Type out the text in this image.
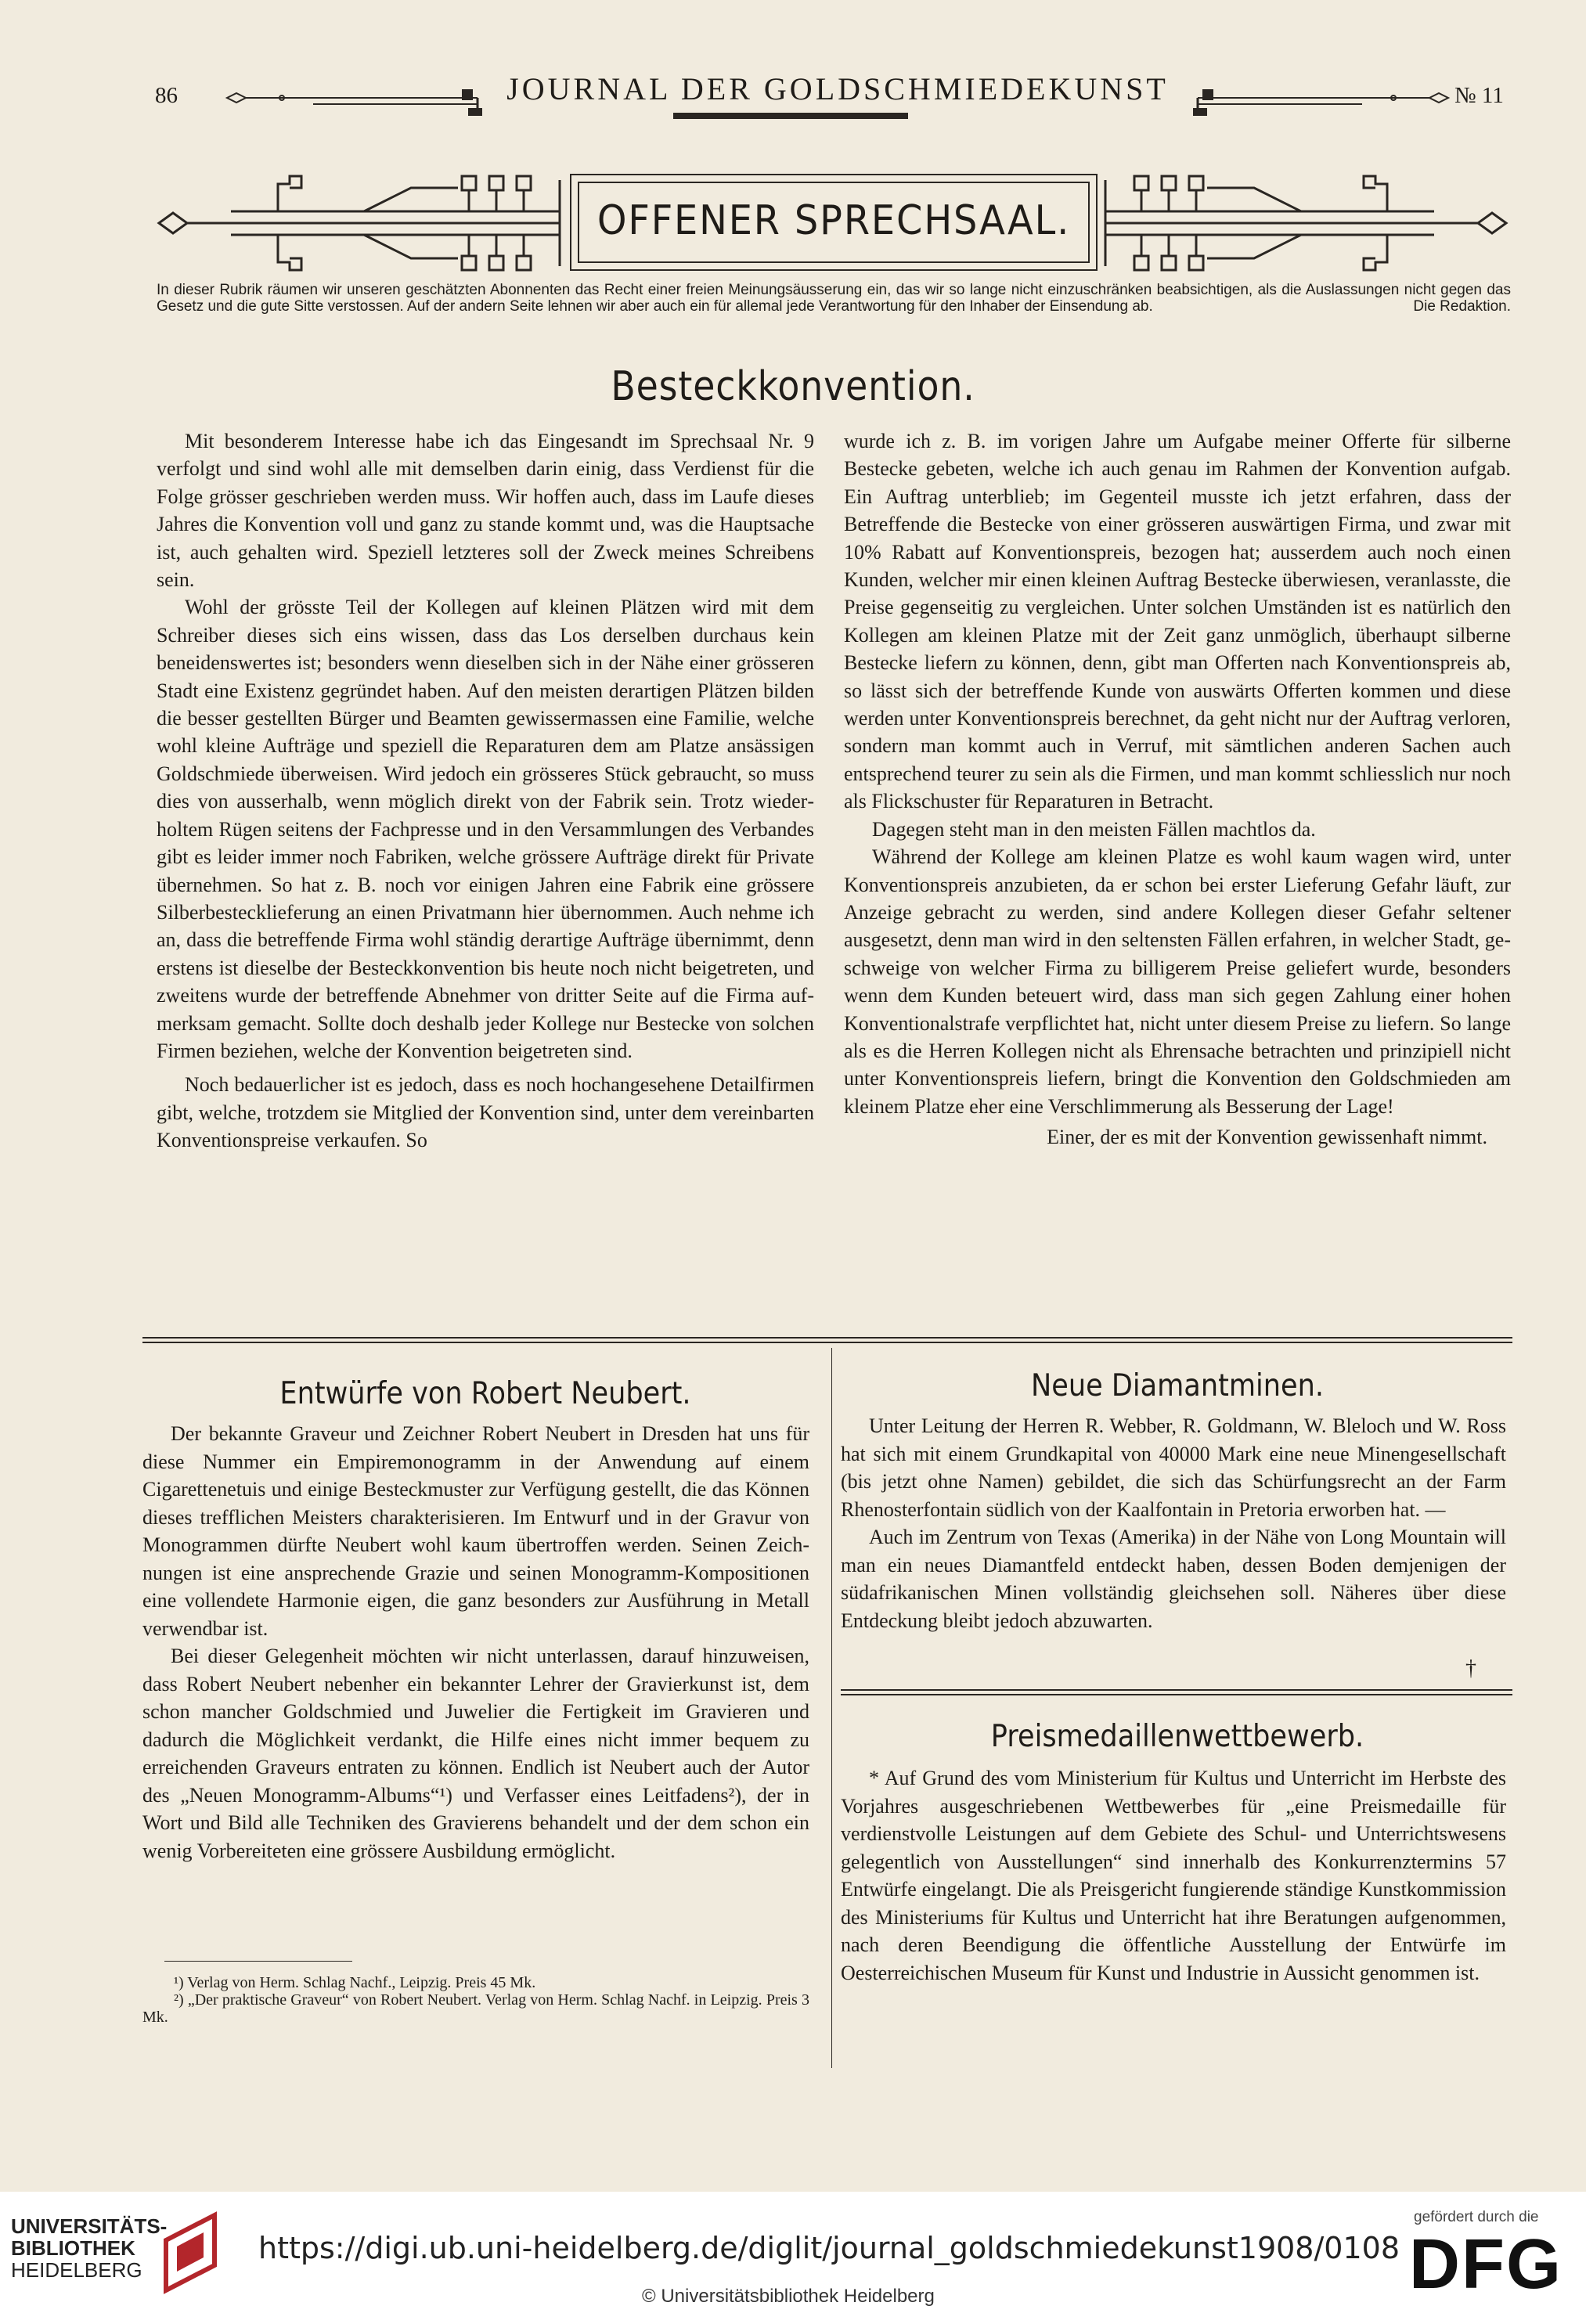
86	JOURNAL DER GOLDSCHMIEDEKUNST	№ 11
OFFENER SPRECHSAAL.
In dieser Rubrik räumen wir unseren geschätzten Abonnenten das Recht einer freien Meinungsäusserung ein, das wir so lange nicht einzuschränken beabsichtigen, als die Auslassungen nicht gegen das Gesetz und die gute Sitte verstossen. Auf der andern Seite lehnen wir aber auch ein für allemal jede Verantwortung für den Inhaber der Einsendung ab.	Die Redaktion.
Besteckkonvention.

Mit besonderem Interesse habe ich das Eingesandt im Sprechsaal Nr. 9 verfolgt und sind wohl alle mit demselben darin einig, dass Verdienst für die Folge grösser geschrieben werden muss. Wir hoffen auch, dass im Laufe dieses Jahres die Konvention voll und ganz zu stande kommt und, was die Hauptsache ist, auch gehalten wird. Speziell letzteres soll der Zweck meines Schreibens sein.

Wohl der grösste Teil der Kollegen auf kleinen Plätzen wird mit dem Schreiber dieses sich eins wissen, dass das Los derselben durchaus kein beneidenswertes ist; besonders wenn dieselben sich in der Nähe einer grösseren Stadt eine Existenz gegründet haben. Auf den meisten derartigen Plätzen bilden die besser gestellten Bürger und Beamten gewissermassen eine Familie, welche wohl kleine Aufträge und speziell die Reparaturen dem am Platze ansässigen Goldschmiede überweisen. Wird jedoch ein grösseres Stück gebraucht, so muss dies von ausserhalb, wenn möglich direkt von der Fabrik sein. Trotz wiederholtem Rügen seitens der Fachpresse und in den Versammlungen des Verbandes gibt es leider immer noch Fabriken, welche grössere Aufträge direkt für Private übernehmen. So hat z. B. noch vor einigen Jahren eine Fabrik eine grössere Silberbestecklieferung an einen Privatmann hier übernommen. Auch nehme ich an, dass die betreffende Firma wohl ständig derartige Aufträge übernimmt, denn erstens ist dieselbe der Besteckkonvention bis heute noch nicht beigetreten, und zweitens wurde der betreffende Abnehmer von dritter Seite auf die Firma aufmerksam gemacht. Sollte doch deshalb jeder Kollege nur Bestecke von solchen Firmen beziehen, welche der Konvention beigetreten sind.

Noch bedauerlicher ist es jedoch, dass es noch hochangesehene Detailfirmen gibt, welche, trotzdem sie Mitglied der Konvention sind, unter dem vereinbarten Konventionspreise verkaufen. So

wurde ich z. B. im vorigen Jahre um Aufgabe meiner Offerte für silberne Bestecke gebeten, welche ich auch genau im Rahmen der Konvention aufgab. Ein Auftrag unterblieb; im Gegenteil musste ich jetzt erfahren, dass der Betreffende die Bestecke von einer grösseren auswärtigen Firma, und zwar mit 10% Rabatt auf Konventionspreis, bezogen hat; ausserdem auch noch einen Kunden, welcher mir einen kleinen Auftrag Bestecke überwiesen, veranlasste, die Preise gegenseitig zu vergleichen. Unter solchen Umständen ist es natürlich den Kollegen am kleinen Platze mit der Zeit ganz unmöglich, überhaupt silberne Bestecke liefern zu können, denn, gibt man Offerten nach Konventionspreis ab, so lässt sich der betreffende Kunde von auswärts Offerten kommen und diese werden unter Konventionspreis berechnet, da geht nicht nur der Auftrag verloren, sondern man kommt auch in Verruf, mit sämtlichen anderen Sachen auch entsprechend teurer zu sein als die Firmen, und man kommt schliesslich nur noch als Flickschuster für Reparaturen in Betracht.

Dagegen steht man in den meisten Fällen machtlos da.

Während der Kollege am kleinen Platze es wohl kaum wagen wird, unter Konventionspreis anzubieten, da er schon bei erster Lieferung Gefahr läuft, zur Anzeige gebracht zu werden, sind andere Kollegen dieser Gefahr seltener ausgesetzt, denn man wird in den seltensten Fällen erfahren, in welcher Stadt, geschweige von welcher Firma zu billigerem Preise geliefert wurde, besonders wenn dem Kunden beteuert wird, dass man sich gegen Zahlung einer hohen Konventionalstrafe verpflichtet hat, nicht unter diesem Preise zu liefern. So lange als es die Herren Kollegen nicht als Ehrensache betrachten und prinzipiell nicht unter Konventionspreis liefern, bringt die Konvention den Goldschmieden am kleinem Platze eher eine Verschlimmerung als Besserung der Lage!

Einer, der es mit der Konvention gewissenhaft nimmt.

Entwürfe von Robert Neubert.

Der bekannte Graveur und Zeichner Robert Neubert in Dresden hat uns für diese Nummer ein Empiremonogramm in der Anwendung auf einem Cigarettenetuis und einige Besteckmuster zur Verfügung gestellt, die das Können dieses trefflichen Meisters charakterisieren. Im Entwurf und in der Gravur von Monogrammen dürfte Neubert wohl kaum übertroffen werden. Seinen Zeichnungen ist eine ansprechende Grazie und seinen Monogramm-Kompositionen eine vollendete Harmonie eigen, die ganz besonders zur Ausführung in Metall verwendbar ist.

Bei dieser Gelegenheit möchten wir nicht unterlassen, darauf hinzuweisen, dass Robert Neubert nebenher ein bekannter Lehrer der Gravierkunst ist, dem schon mancher Goldschmied und Juwelier die Fertigkeit im Gravieren und dadurch die Möglichkeit verdankt, die Hilfe eines nicht immer bequem zu erreichenden Graveurs entraten zu können. Endlich ist Neubert auch der Autor des „Neuen Monogramm-Albums“¹) und Verfasser eines Leitfadens²), der in Wort und Bild alle Techniken des Gravierens behandelt und der dem schon ein wenig Vorbereiteten eine grössere Ausbildung ermöglicht.

¹) Verlag von Herm. Schlag Nachf., Leipzig. Preis 45 Mk.

²) „Der praktische Graveur“ von Robert Neubert. Verlag von Herm. Schlag Nachf. in Leipzig. Preis 3 Mk.

Neue Diamantminen.

Unter Leitung der Herren R. Webber, R. Goldmann, W. Bleloch und W. Ross hat sich mit einem Grundkapital von 40000 Mark eine neue Minengesellschaft (bis jetzt ohne Namen) gebildet, die sich das Schürfungsrecht an der Farm Rhenosterfontain südlich von der Kaalfontain in Pretoria erworben hat. —

Auch im Zentrum von Texas (Amerika) in der Nähe von Long Mountain will man ein neues Diamantfeld entdeckt haben, dessen Boden demjenigen der südafrikanischen Minen vollständig gleichsehen soll. Näheres über diese Entdeckung bleibt jedoch abzuwarten.

†
Preismedaillenwettbewerb.

* Auf Grund des vom Ministerium für Kultus und Unterricht im Herbste des Vorjahres ausgeschriebenen Wettbewerbes für „eine Preismedaille für verdienstvolle Leistungen auf dem Gebiete des Schul- und Unterrichtswesens gelegentlich von Ausstellungen“ sind innerhalb des Konkurrenztermins 57 Entwürfe eingelangt. Die als Preisgericht fungierende ständige Kunstkommission des Ministeriums für Kultus und Unterricht hat ihre Beratungen aufgenommen, nach deren Beendigung die öffentliche Ausstellung der Entwürfe im Oesterreichischen Museum für Kunst und Industrie in Aussicht genommen ist.

UNIVERSITÄTS-
BIBLIOTHEK
HEIDELBERG
https://digi.ub.uni-heidelberg.de/diglit/journal_goldschmiedekunst1908/0108
© Universitätsbibliothek Heidelberg
gefördert durch die
DFG
